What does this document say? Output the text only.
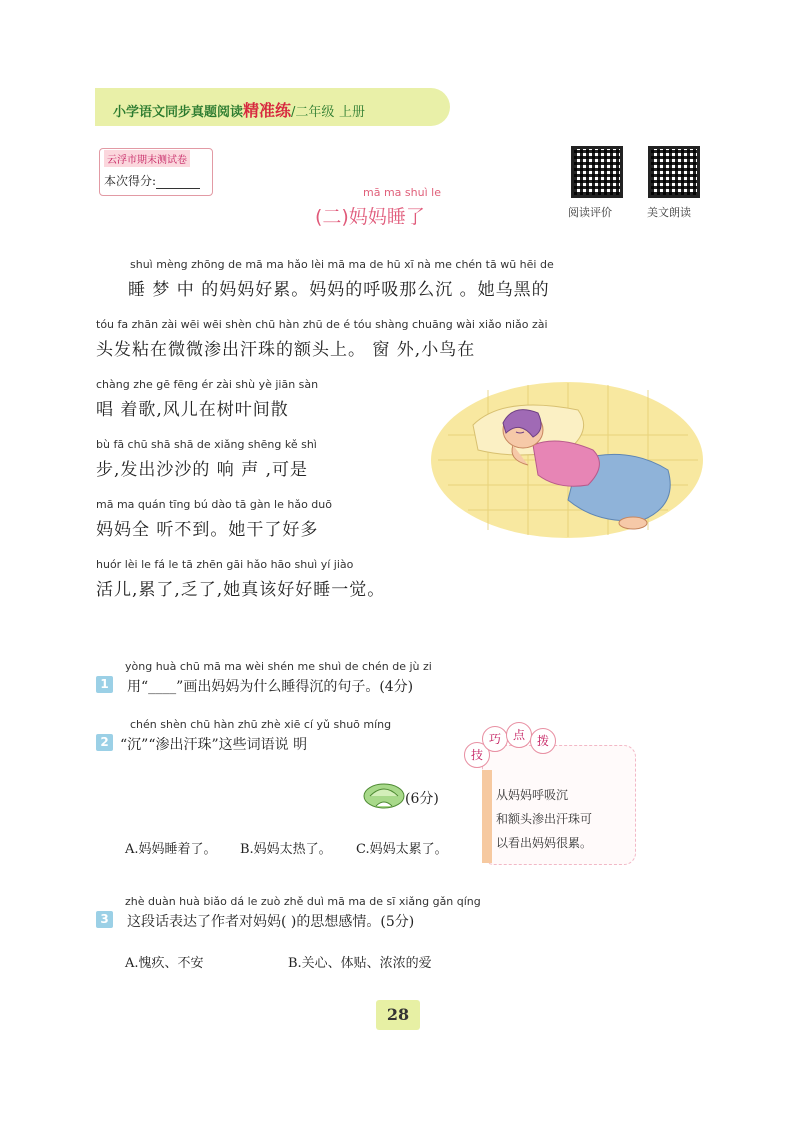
小学语文同步真题阅读精准练/二年级 上册
云浮市期末测试卷
本次得分:
阅读评价	美文朗读
mā ma shuì le
(二)妈妈睡了
shuì mèng zhōng de mā ma hǎo lèi mā ma de hū xī nà me chén tā wū hēi de
睡 梦 中 的妈妈好累。妈妈的呼吸那么沉 。她乌黑的
tóu fa zhān zài wēi wēi shèn chū hàn zhū de é tóu shàng chuāng wài xiǎo niǎo zài
头发粘在微微渗出汗珠的额头上。 窗 外,小鸟在
chàng zhe gē fēng ér zài shù yè jiān sàn
唱 着歌,风儿在树叶间散
bù fā chū shā shā de xiǎng shēng kě shì
步,发出沙沙的 响 声 ,可是
mā ma quán tīng bú dào tā gàn le hǎo duō
妈妈全 听不到。她干了好多
huór lèi le fá le tā zhēn gāi hǎo hāo shuì yí jiào
活儿,累了,乏了,她真该好好睡一觉。
yòng huà chū mā ma wèi shén me shuì de chén de jù zi
1	用“____”画出妈妈为什么睡得沉的句子。(4分)
chén shèn chū hàn zhū zhè xiē cí yǔ shuō míng
2 “沉”“渗出汗珠”这些词语说 明
(6分)
A.妈妈睡着了。 B.妈妈太热了。 C.妈妈太累了。
技
巧 点 拨
从妈妈呼吸沉
和额头渗出汗珠可
以看出妈妈很累。
zhè duàn huà biǎo dá le zuò zhě duì mā ma de sī xiǎng gǎn qíng
3	这段话表达了作者对妈妈( )的思想感情。(5分)
A.愧疚、不安	B.关心、体贴、浓浓的爱
28
